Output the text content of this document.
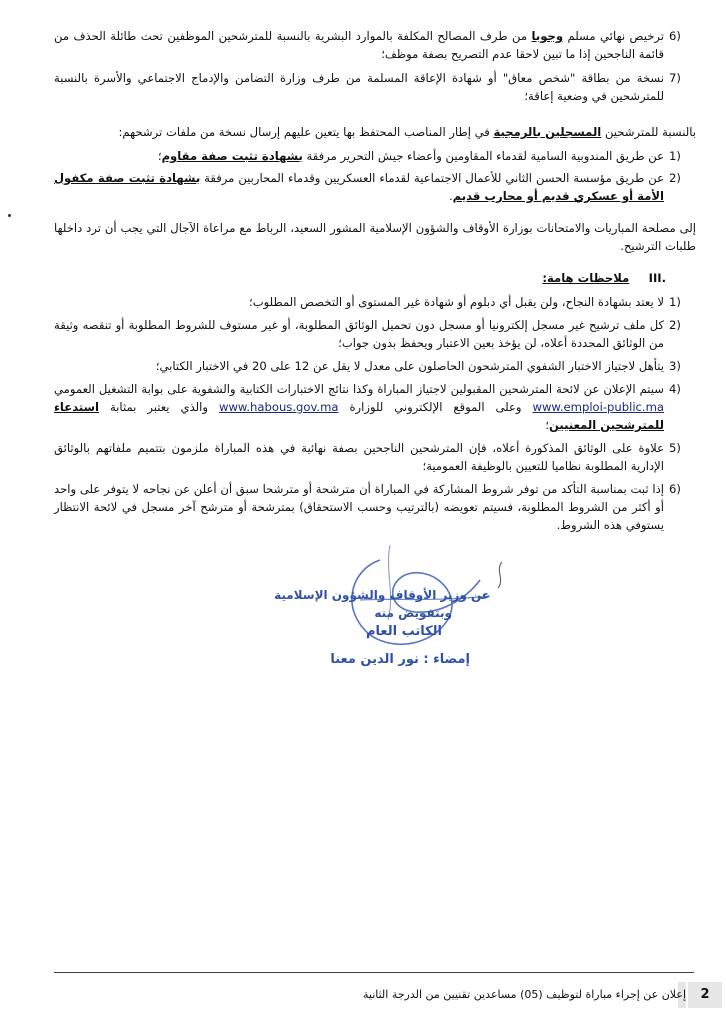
6)
ترخيص نهائي مسلم وجوبا من طرف المصالح المكلفة بالموارد البشرية بالنسبة للمترشحين الموظفين تحت طائلة الحذف من قائمة الناجحين إذا ما تبين لاحقا عدم التصريح بصفة موظف؛
7)
نسخة من بطاقة "شخص معاق" أو شهادة الإعاقة المسلمة من طرف وزارة التضامن والإدماج الاجتماعي والأسرة بالنسبة للمترشحين في وضعية إعاقة؛
بالنسبة للمترشحين المسجلين بالرمجية في إطار المناصب المحتفظ بها يتعين عليهم إرسال نسخة من ملفات ترشحهم:
1)
عن طريق المندوبية السامية لقدماء المقاومين وأعضاء جيش التحرير مرفقة بشهادة تثبت صفة مقاوم؛
2)
عن طريق مؤسسة الحسن الثاني للأعمال الاجتماعية لقدماء العسكريين وقدماء المحاربين مرفقة بشهادة تثبت صفة مكفول الأمة أو عسكري قديم أو محارب قديم.
إلى مصلحة المباريات والامتحانات بوزارة الأوقاف والشؤون الإسلامية المشور السعيد، الرباط مع مراعاة الآجال التي يجب أن ترد داخلها طلبات الترشيح.
III.  ملاحظات هامة:
1)
لا يعتد بشهادة النجاح، ولن يقبل أي دبلوم أو شهادة غير المستوى أو التخصص المطلوب؛
2)
كل ملف ترشيح غير مسجل إلكترونيا أو مسجل دون تحميل الوثائق المطلوبة، أو غير مستوف للشروط المطلوبة أو تنقصه وثيقة من الوثائق المحددة أعلاه، لن يؤخذ بعين الاعتبار ويحفظ بدون جواب؛
3)
يتأهل لاجتياز الاختبار الشفوي المترشحون الحاصلون على معدل لا يقل عن 12 على 20 في الاختبار الكتابي؛
4)
سيتم الإعلان عن لائحة المترشحين المقبولين لاجتياز المباراة وكذا نتائج الاختبارات الكتابية والشفوية على بوابة التشغيل العمومي www.emploi-public.ma وعلى الموقع الإلكتروني للوزارة www.habous.gov.ma والذي يعتبر بمثابة استدعاء للمترشحين المعنيين؛
5)
علاوة على الوثائق المذكورة أعلاه، فإن المترشحين الناجحين بصفة نهائية في هذه المباراة ملزمون بتتميم ملفاتهم بالوثائق الإدارية المطلوبة نظاميا للتعيين بالوظيفة العمومية؛
6)
إذا ثبت بمناسبة التأكد من توفر شروط المشاركة في المباراة أن مترشحة أو مترشحا سبق أن أعلن عن نجاحه لا يتوفر على واحد أو أكثر من الشروط المطلوبة، فسيتم تعويضه (بالترتيب وحسب الاستحقاق) بمترشحة أو مترشح آخر مسجل في لائحة الانتظار يستوفي هذه الشروط.
عن وزير الأوقاف والشؤون الإسلامية
وبتفويض منه
الكاتب العام
إمضاء : نور الدين معنا
2
إعلان عن إجراء مباراة لتوظيف (05) مساعدين تقنيين من الدرجة الثانية
